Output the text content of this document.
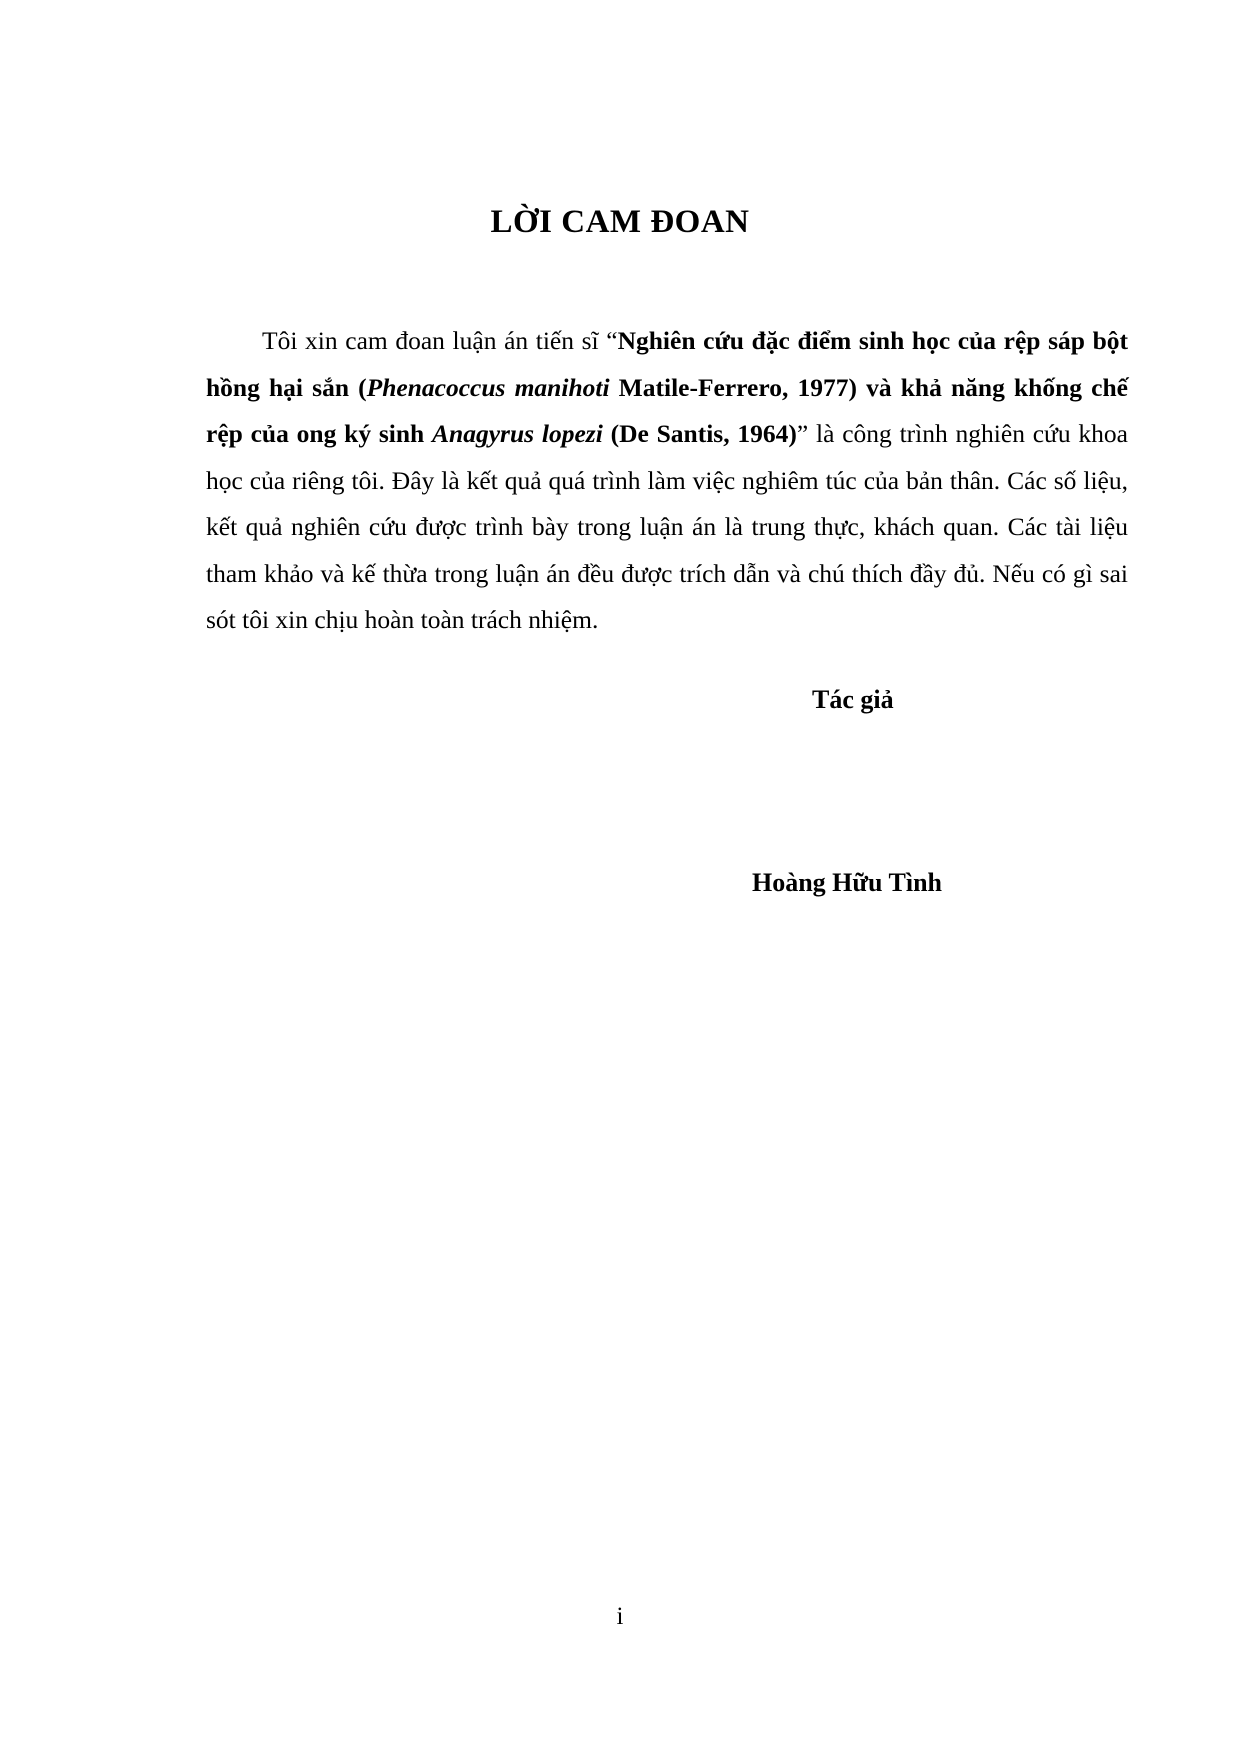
LỜI CAM ĐOAN

Tôi xin cam đoan luận án tiến sĩ “Nghiên cứu đặc điểm sinh học của rệp sáp bột hồng hại sắn (Phenacoccus manihoti Matile-Ferrero, 1977) và khả năng khống chế rệp của ong ký sinh Anagyrus lopezi (De Santis, 1964)” là công trình nghiên cứu khoa học của riêng tôi. Đây là kết quả quá trình làm việc nghiêm túc của bản thân. Các số liệu, kết quả nghiên cứu được trình bày trong luận án là trung thực, khách quan. Các tài liệu tham khảo và kế thừa trong luận án đều được trích dẫn và chú thích đầy đủ. Nếu có gì sai sót tôi xin chịu hoàn toàn trách nhiệm.

Tác giả
Hoàng Hữu Tình
i
